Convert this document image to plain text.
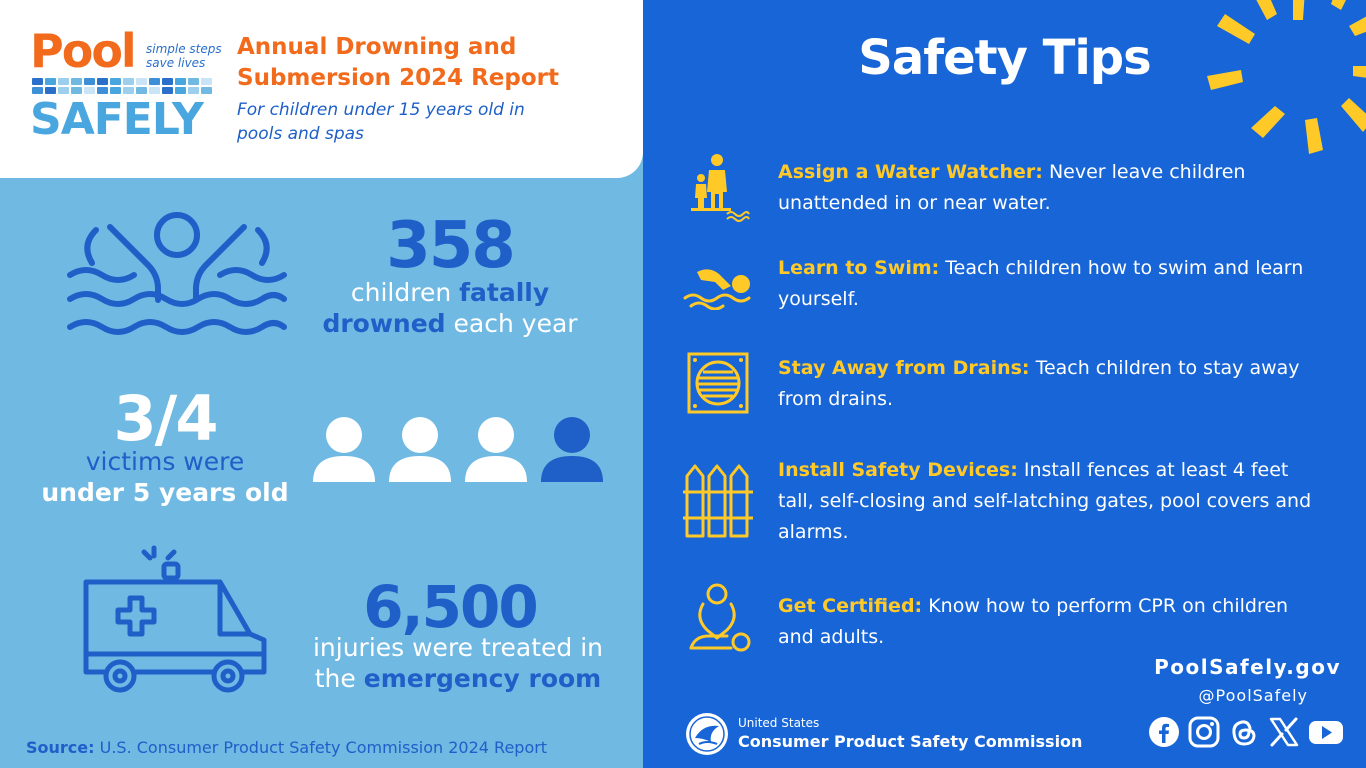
Pool simple steps save lives
SAFELY
Annual Drowning and Submersion 2024 Report

For children under 15 years old in pools and spas

358
children fatally
drowned each year
3/4
victims were
under 5 years old
6,500
injuries were treated in
the emergency room
Source: U.S. Consumer Product Safety Commission 2024 Report
Safety Tips
Assign a Water Watcher: Never leave children unattended in or near water.
Learn to Swim: Teach children how to swim and learn yourself.
Stay Away from Drains: Teach children to stay away from drains.
Install Safety Devices: Install fences at least 4 feet tall, self-closing and self-latching gates, pool covers and alarms.
Get Certified: Know how to perform CPR on children and adults.
PoolSafely.gov
@PoolSafely
United States
Consumer Product Safety Commission
